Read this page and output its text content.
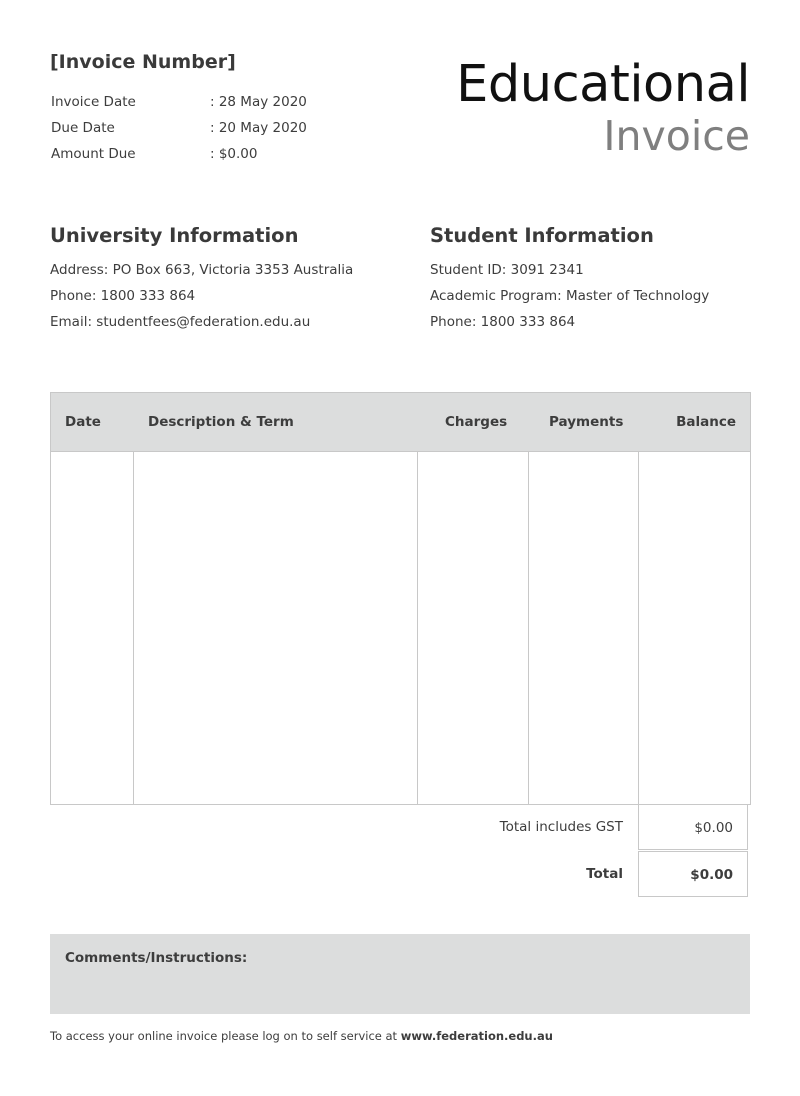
[Invoice Number]
Invoice Date	: 28 May 2020
Due Date	: 20 May 2020
Amount Due	: $0.00
Educational
Invoice
University Information
Address: PO Box 663, Victoria 3353 Australia
Phone: 1800 333 864
Email: studentfees@federation.edu.au
Student Information
Student ID: 3091 2341
Academic Program: Master of Technology
Phone: 1800 333 864
Date	Description & Term	Charges	Payments	Balance
Total includes GST	$0.00
Total	$0.00
Comments/Instructions:
To access your online invoice please log on to self service at www.federation.edu.au
